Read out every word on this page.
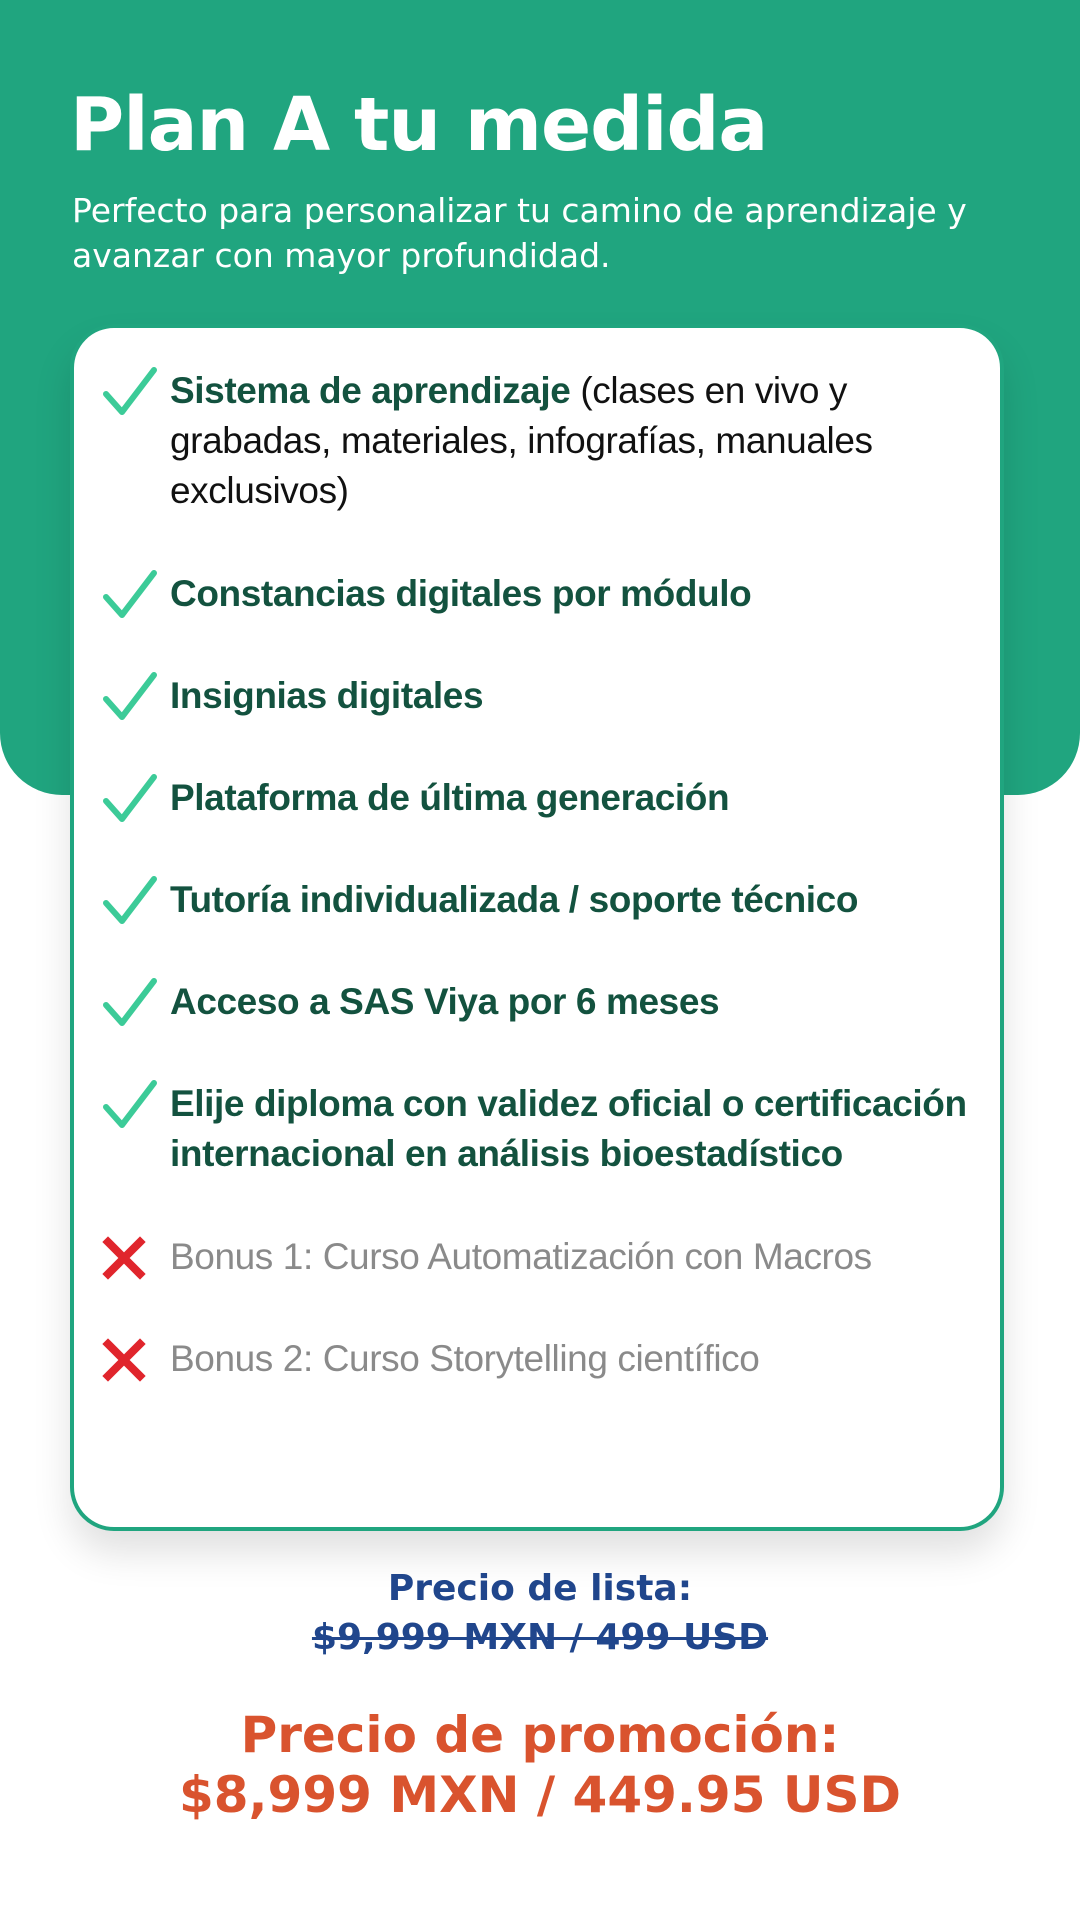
Plan A tu medida
Perfecto para personalizar tu camino de aprendizaje y avanzar con mayor profundidad.
Sistema de aprendizaje (clases en vivo y grabadas, materiales, infografías, manuales exclusivos)
Constancias digitales por módulo
Insignias digitales
Plataforma de última generación
Tutoría individualizada / soporte técnico
Acceso a SAS Viya por 6 meses
Elije diploma con validez oficial o certificación internacional en análisis bioestadístico
Bonus 1: Curso Automatización con Macros
Bonus 2: Curso Storytelling científico
Precio de lista:
$9,999 MXN / 499 USD
Precio de promoción:
$8,999 MXN / 449.95 USD
